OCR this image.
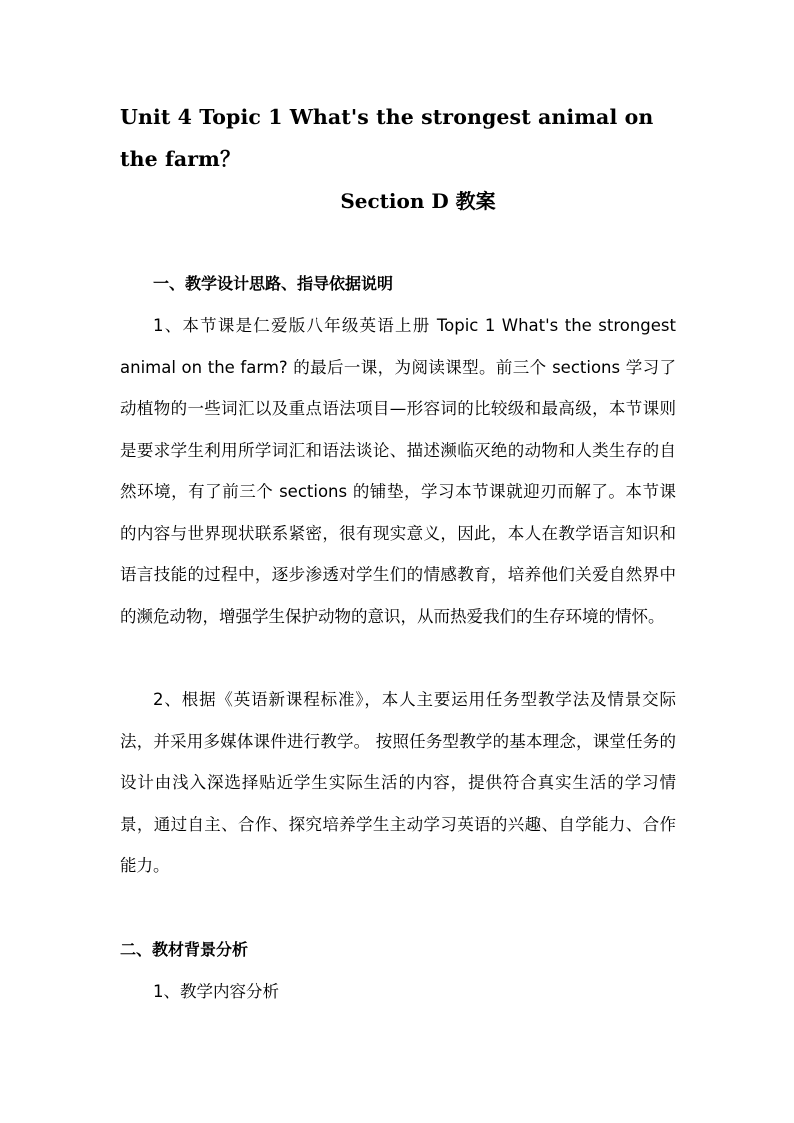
Unit 4 Topic 1 What's the strongest animal on the farm？
Section D 教案
一、教学设计思路、指导依据说明

1、本节课是仁爱版八年级英语上册 Topic 1 What's the strongest animal on the farm? 的最后一课，为阅读课型。前三个 sections 学习了动植物的一些词汇以及重点语法项目—形容词的比较级和最高级，本节课则是要求学生利用所学词汇和语法谈论、描述濒临灭绝的动物和人类生存的自然环境，有了前三个 sections 的铺垫，学习本节课就迎刃而解了。本节课的内容与世界现状联系紧密，很有现实意义，因此，本人在教学语言知识和语言技能的过程中，逐步渗透对学生们的情感教育，培养他们关爱自然界中的濒危动物，增强学生保护动物的意识，从而热爱我们的生存环境的情怀。

2、根据《英语新课程标准》，本人主要运用任务型教学法及情景交际法，并采用多媒体课件进行教学。 按照任务型教学的基本理念，课堂任务的设计由浅入深选择贴近学生实际生活的内容，提供符合真实生活的学习情景，通过自主、合作、探究培养学生主动学习英语的兴趣、自学能力、合作能力。

二、教材背景分析

1、教学内容分析
